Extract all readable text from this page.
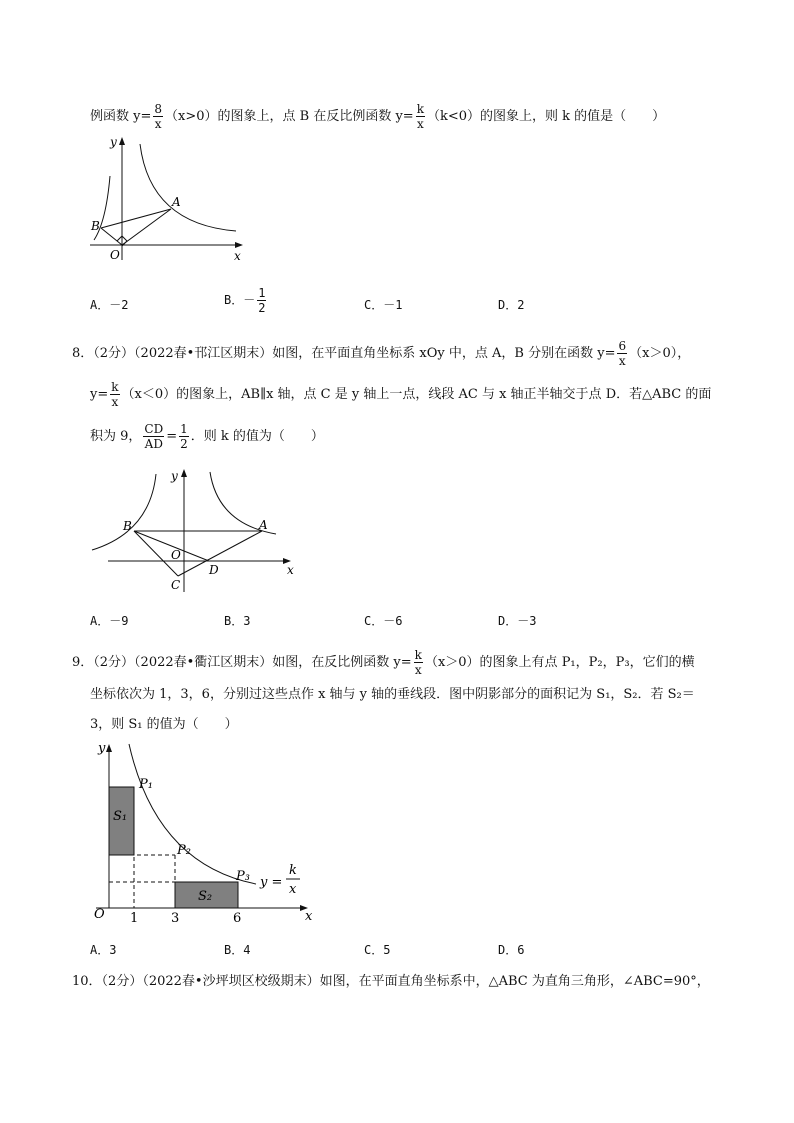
例函数 $y= \frac{8}{x} (x>0)$的图象上，点 B 在反比例函数 $y= \frac{k}{x} (k<0)$的图象上，则 k 的值是（　　）
y
A
B
O	x
A．－2	B．－ $\frac{1}{2}$	C．－1	D．2
8．（2分）（2022春•邗江区期末）如图，在平面直角坐标系 xOy 中，点 A，B 分别在函数 $y= \frac{6}{x} (x>0)$，
$y= \frac{k}{x} (x<0)$的图象上，AB∥x 轴，点 C 是 y 轴上一点，线段 AC 与 x 轴正半轴交于点 D．若△ABC 的面
积为 9， $\frac{CD}{AD} = \frac{1}{2}$ ．则 k 的值为（　　）
y
B	A
O
D
C
x
A．－9	B．3	C．－6	D．－3
9．（2分）（2022春•衢江区期末）如图，在反比例函数 $y= \frac{k}{x} (x>0)$的图象上有点 P₁，P₂，P₃，它们的横
坐标依次为 1，3，6，分别过这些点作 x 轴与 y 轴的垂线段．图中阴影部分的面积记为 S₁，S₂．若 S₂＝
3，则 S₁ 的值为（　　）
y
P₁
S₁
P₂
P₃
S₂
O 1	3	6	x
y =
k
x
A．3	B．4	C．5	D．6
10．（2分）（2022春•沙坪坝区校级期末）如图，在平面直角坐标系中，△ABC 为直角三角形，∠ABC=90°，
